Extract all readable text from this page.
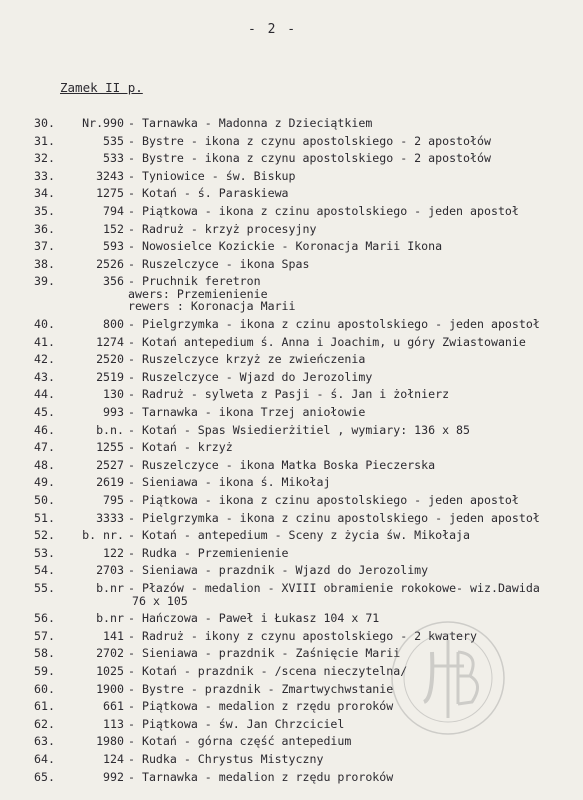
- 2 -
Zamek II p.
30.	Nr.990 - Tarnawka - Madonna z Dzieciątkiem
31.	535 - Bystre - ikona z czynu apostolskiego - 2 apostołów
32.	533 - Bystre - ikona z czynu apostolskiego - 2 apostołów
33.	3243 - Tyniowice - św. Biskup
34.	1275 - Kotań - ś. Paraskiewa
35.	794 - Piątkowa - ikona z czinu apostolskiego - jeden apostoł
36.	152 - Radruż - krzyż procesyjny
37.	593 - Nowosielce Kozickie - Koronacja Marii Ikona
38.	2526 - Ruszelczyce - ikona Spas
39.	356 - Pruchnik feretron
awers: Przemienienie
rewers : Koronacja Marii
40.	800 - Pielgrzymka - ikona z czinu apostolskiego - jeden apostoł
41.	1274 - Kotań antepedium ś. Anna i Joachim, u góry Zwiastowanie
42.	2520 - Ruszelczyce krzyż ze zwieńczenia
43.	2519 - Ruszelczyce - Wjazd do Jerozolimy
44.	130 - Radruż - sylweta z Pasji - ś. Jan i żołnierz
45.	993 - Tarnawka - ikona Trzej aniołowie
46.	b.n. - Kotań - Spas Wsiedierżitiel , wymiary: 136 x 85
47.	1255 - Kotań - krzyż
48.	2527 - Ruszelczyce - ikona Matka Boska Pieczerska
49.	2619 - Sieniawa - ikona ś. Mikołaj
50.	795 - Piątkowa - ikona z czinu apostolskiego - jeden apostoł
51.	3333 - Pielgrzymka - ikona z czinu apostolskiego - jeden apostoł
52.	b. nr. - Kotań - antepedium - Sceny z życia św. Mikołaja
53.	122 - Rudka - Przemienienie
54.	2703 - Sieniawa - prazdnik - Wjazd do Jerozolimy
55.	b.nr - Płazów - medalion - XVIII obramienie rokokowe- wiz.Dawida
76 x 105
56.	b.nr - Hańczowa - Paweł i Łukasz 104 x 71
57.	141 - Radruż - ikony z czynu apostolskiego - 2 kwatery
58.	2702 - Sieniawa - prazdnik - Zaśnięcie Marii
59.	1025 - Kotań - prazdnik - /scena nieczytelna/
60.	1900 - Bystre - prazdnik - Zmartwychwstanie
61.	661 - Piątkowa - medalion z rzędu proroków
62.	113 - Piątkowa - św. Jan Chrzciciel
63.	1980 - Kotań - górna część antepedium
64.	124 - Rudka - Chrystus Mistyczny
65.	992 - Tarnawka - medalion z rzędu proroków
